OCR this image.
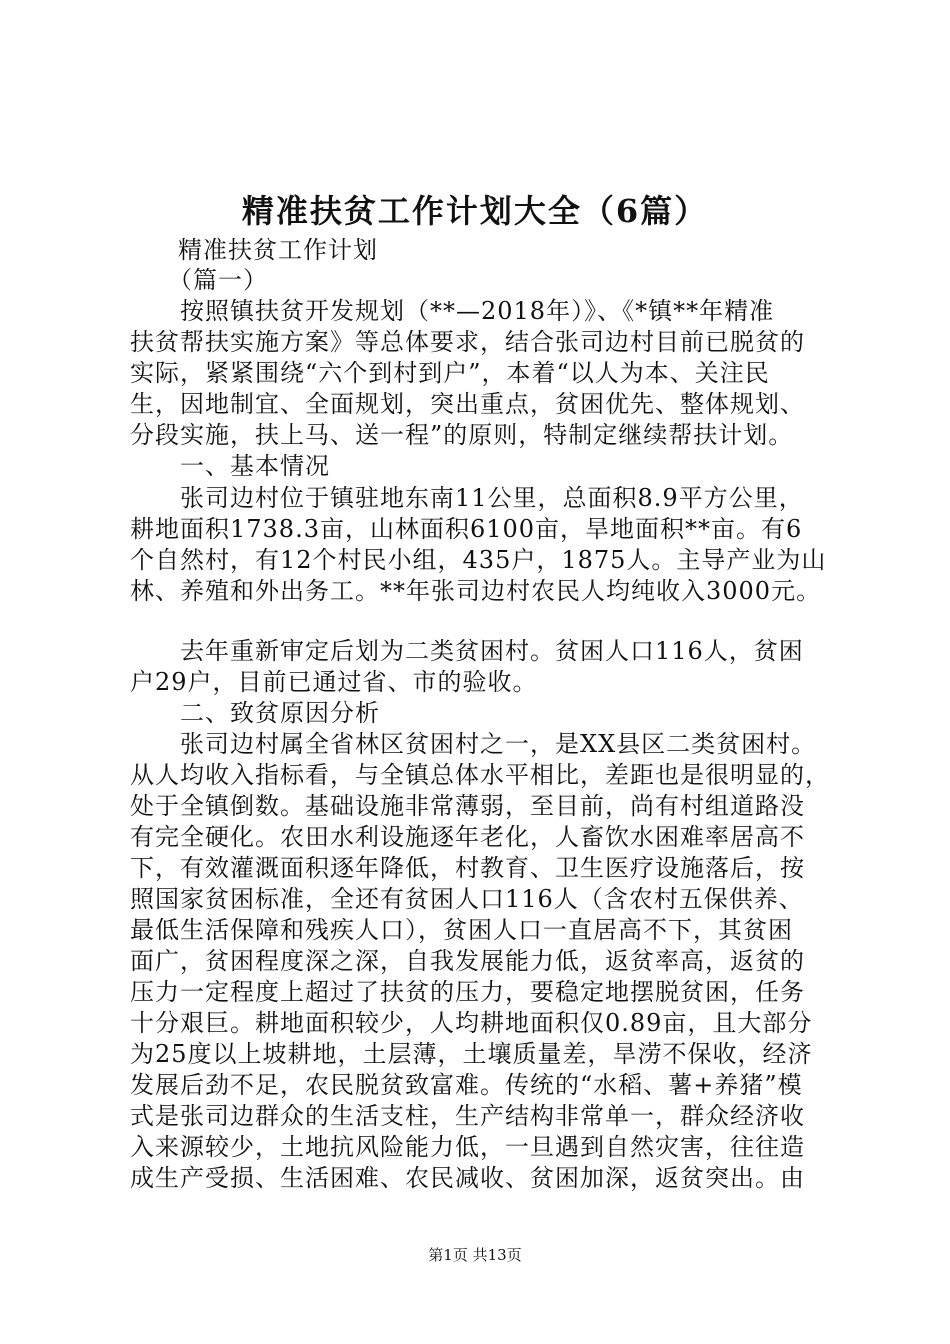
精准扶贫工作计划大全（6篇）
精准扶贫工作计划
（篇一）
按照镇扶贫开发规划（**—2018年）》、《*镇**年精准
扶贫帮扶实施方案》等总体要求，结合张司边村目前已脱贫的
实际，紧紧围绕“六个到村到户”，本着“以人为本、关注民
生，因地制宜、全面规划，突出重点，贫困优先、整体规划、
分段实施，扶上马、送一程”的原则，特制定继续帮扶计划。
一、基本情况
张司边村位于镇驻地东南11公里，总面积8.9平方公里，
耕地面积1738.3亩，山林面积6100亩，旱地面积**亩。有6
个自然村，有12个村民小组，435户，1875人。主导产业为山
林、养殖和外出务工。**年张司边村农民人均纯收入3000元。
去年重新审定后划为二类贫困村。贫困人口116人，贫困
户29户，目前已通过省、市的验收。
二、致贫原因分析
张司边村属全省林区贫困村之一，是XX县区二类贫困村。
从人均收入指标看，与全镇总体水平相比，差距也是很明显的，
处于全镇倒数。基础设施非常薄弱，至目前，尚有村组道路没
有完全硬化。农田水利设施逐年老化，人畜饮水困难率居高不
下，有效灌溉面积逐年降低，村教育、卫生医疗设施落后，按
照国家贫困标准，全还有贫困人口116人（含农村五保供养、
最低生活保障和残疾人口），贫困人口一直居高不下，其贫困
面广，贫困程度深之深，自我发展能力低，返贫率高，返贫的
压力一定程度上超过了扶贫的压力，要稳定地摆脱贫困，任务
十分艰巨。耕地面积较少，人均耕地面积仅0.89亩，且大部分
为25度以上坡耕地，土层薄，土壤质量差，旱涝不保收，经济
发展后劲不足，农民脱贫致富难。传统的“水稻、薯+养猪”模
式是张司边群众的生活支柱，生产结构非常单一，群众经济收
入来源较少，土地抗风险能力低，一旦遇到自然灾害，往往造
成生产受损、生活困难、农民减收、贫困加深，返贫突出。由
第1页 共13页
